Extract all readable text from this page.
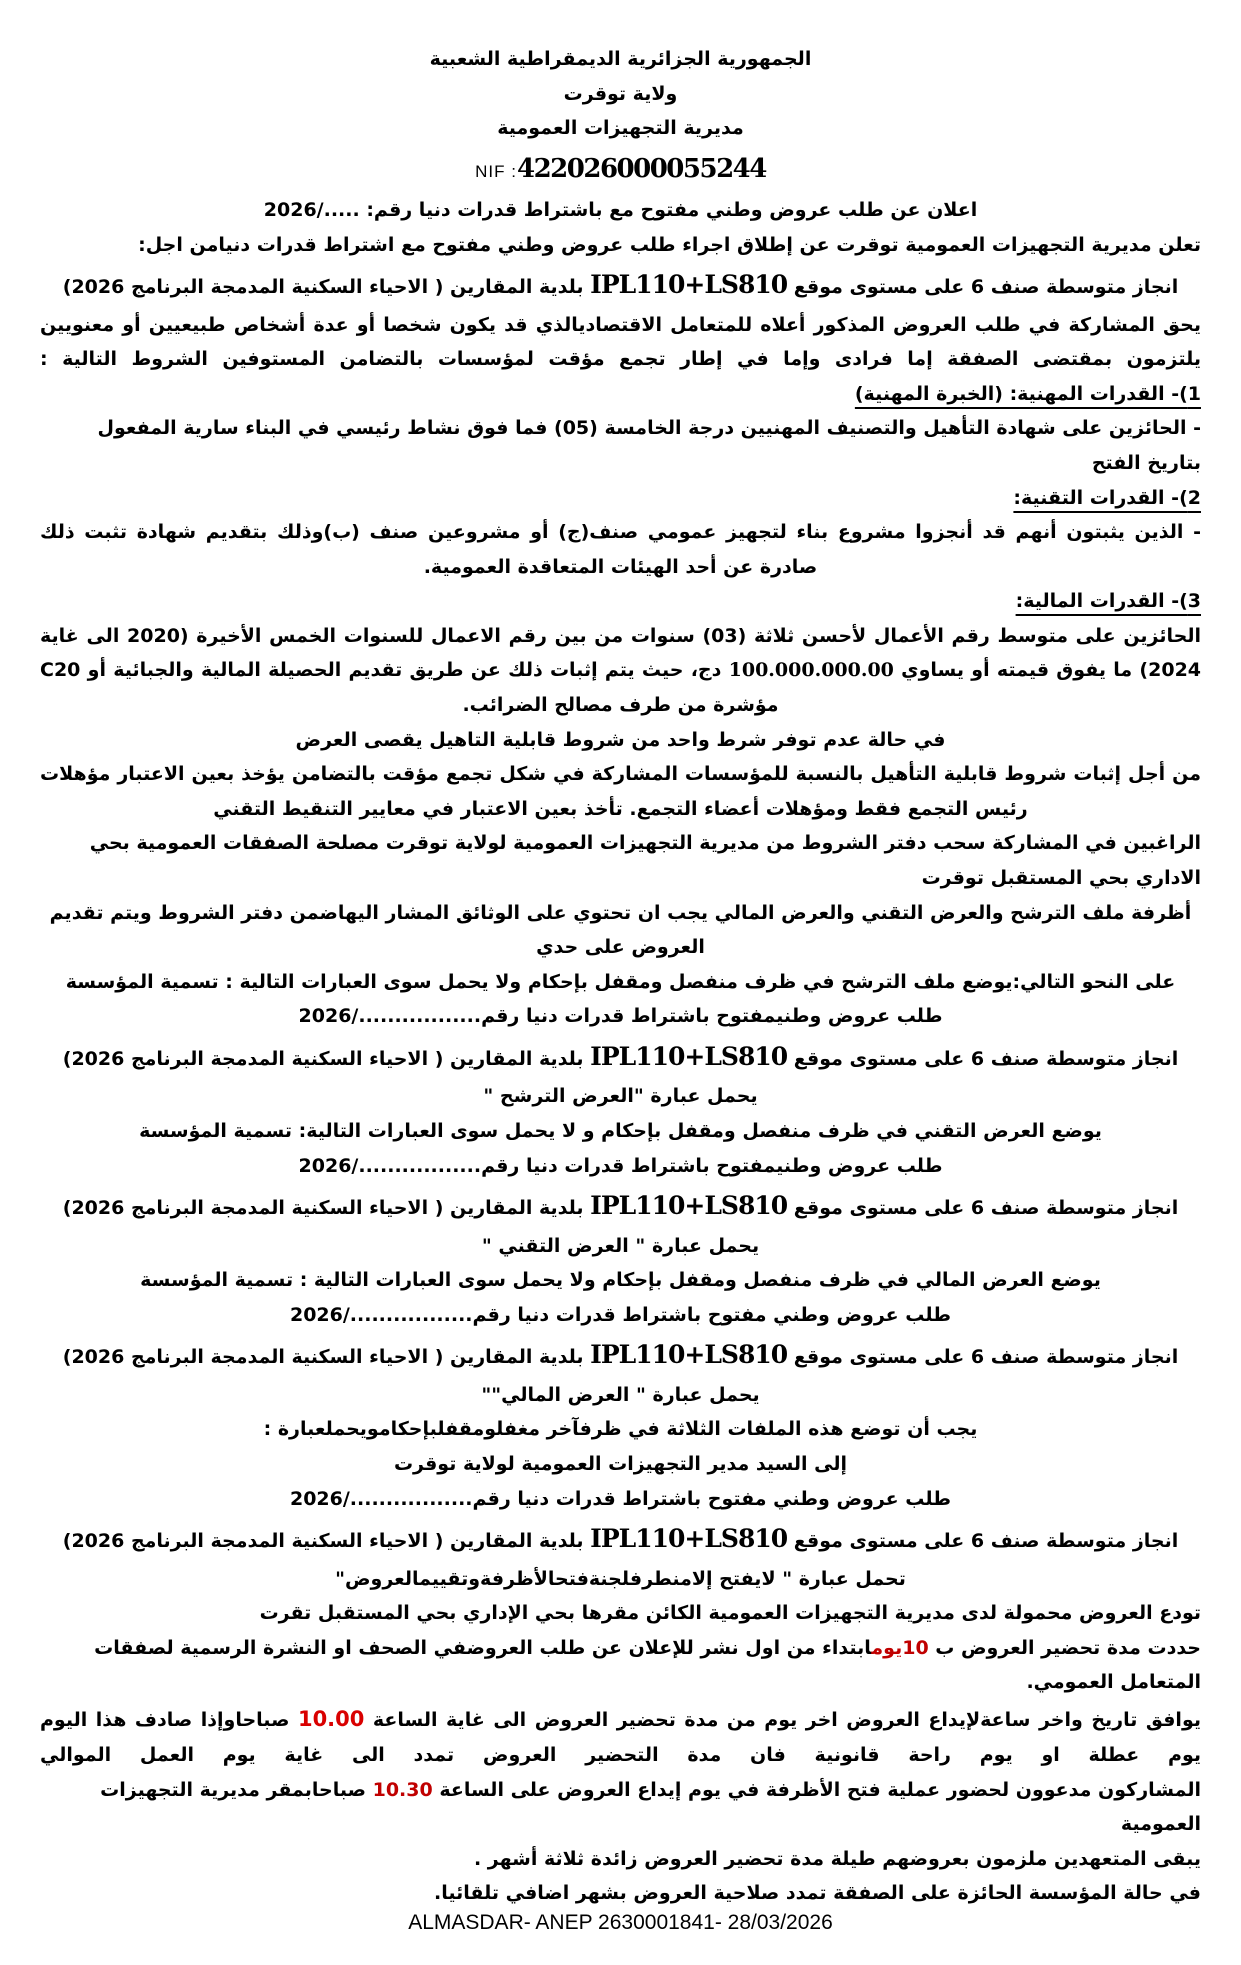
الجمهورية الجزائرية الديمقراطية الشعبية

ولاية توقرت

مديرية التجهيزات العمومية

NIF :422026000055244

اعلان عن طلب عروض وطني مفتوح مع باشتراط قدرات دنيا رقم: ...../2026

تعلن مديرية التجهيزات العمومية توقرت عن إطلاق اجراء طلب عروض وطني مفتوح مع اشتراط قدرات دنيامن اجل:

انجاز متوسطة صنف 6 على مستوى موقع IPL110+LS810 بلدية المقارين ( الاحياء السكنية المدمجة البرنامج 2026)

يحق المشاركة في طلب العروض المذكور أعلاه للمتعامل الاقتصاديالذي قد يكون شخصا أو عدة أشخاص طبيعيين أو معنويين يلتزمون بمقتضى الصفقة إما فرادى وإما في إطار تجمع مؤقت لمؤسسات بالتضامن المستوفين الشروط التالية :

1)- القدرات المهنية: (الخبرة المهنية)

- الحائزين على شهادة التأهيل والتصنيف المهنيين درجة الخامسة (05) فما فوق نشاط رئيسي في البناء سارية المفعول بتاريخ الفتح

2)- القدرات التقنية:

- الذين يثبتون أنهم قد أنجزوا مشروع بناء لتجهيز عمومي صنف(ج) أو مشروعين صنف (ب)وذلك بتقديم شهادة تثبت ذلك صادرة عن أحد الهيئات المتعاقدة العمومية.

3)- القدرات المالية:

الحائزين على متوسط رقم الأعمال لأحسن ثلاثة (03) سنوات من بين رقم الاعمال للسنوات الخمس الأخيرة (2020 الى غاية 2024) ما يفوق قيمته أو يساوي 100.000.000.00 دج، حيث يتم إثبات ذلك عن طريق تقديم الحصيلة المالية والجبائية أو C20 مؤشرة من طرف مصالح الضرائب.

في حالة عدم توفر شرط واحد من شروط قابلية التاهيل يقصى العرض

من أجل إثبات شروط قابلية التأهيل بالنسبة للمؤسسات المشاركة في شكل تجمع مؤقت بالتضامن يؤخذ بعين الاعتبار مؤهلات رئيس التجمع فقط ومؤهلات أعضاء التجمع. تأخذ بعين الاعتبار في معايير التنقيط التقني

الراغبين في المشاركة سحب دفتر الشروط من مديرية التجهيزات العمومية لولاية توقرت مصلحة الصفقات العمومية بحي الاداري بحي المستقبل توقرت

أظرفة ملف الترشح والعرض التقني والعرض المالي يجب ان تحتوي على الوثائق المشار اليهاضمن دفتر الشروط ويتم تقديم العروض على حدي

على النحو التالي:يوضع ملف الترشح في ظرف منفصل ومقفل بإحكام ولا يحمل سوى العبارات التالية : تسمية المؤسسة

طلب عروض وطنيمفتوح باشتراط قدرات دنيا رقم................./2026

انجاز متوسطة صنف 6 على مستوى موقع IPL110+LS810 بلدية المقارين ( الاحياء السكنية المدمجة البرنامج 2026)

يحمل عبارة "العرض الترشح "

يوضع العرض التقني في ظرف منفصل ومقفل بإحكام و لا يحمل سوى العبارات التالية: تسمية المؤسسة

طلب عروض وطنيمفتوح باشتراط قدرات دنيا رقم................./2026

انجاز متوسطة صنف 6 على مستوى موقع IPL110+LS810 بلدية المقارين ( الاحياء السكنية المدمجة البرنامج 2026)

يحمل عبارة " العرض التقني "

يوضع العرض المالي في ظرف منفصل ومقفل بإحكام ولا يحمل سوى العبارات التالية : تسمية المؤسسة

طلب عروض وطني مفتوح باشتراط قدرات دنيا رقم................./2026

انجاز متوسطة صنف 6 على مستوى موقع IPL110+LS810 بلدية المقارين ( الاحياء السكنية المدمجة البرنامج 2026)

يحمل عبارة " العرض المالي""

يجب أن توضع هذه الملفات الثلاثة في ظرفآخر مغفلومقفلبإحكامويحملعبارة :

إلى السيد مدير التجهيزات العمومية لولاية توقرت

طلب عروض وطني مفتوح باشتراط قدرات دنيا رقم................./2026

انجاز متوسطة صنف 6 على مستوى موقع IPL110+LS810 بلدية المقارين ( الاحياء السكنية المدمجة البرنامج 2026)

تحمل عبارة " لايفتح إلامنطرفلجنةفتحالأظرفةوتقييمالعروض"

تودع العروض محمولة لدى مديرية التجهيزات العمومية الكائن مقرها بحي الإداري بحي المستقبل تقرت

حددت مدة تحضير العروض ب 10يومابتداء من اول نشر للإعلان عن طلب العروضفي الصحف او النشرة الرسمية لصفقات المتعامل العمومي.

يوافق تاريخ واخر ساعةلإيداع العروض اخر يوم من مدة تحضير العروض الى غاية الساعة 10.00 صباحاوإذا صادف هذا اليوم يوم عطلة او يوم راحة قانونية فان مدة التحضير العروض تمدد الى غاية يوم العمل الموالي

المشاركون مدعوون لحضور عملية فتح الأظرفة في يوم إيداع العروض على الساعة 10.30 صباحابمقر مديرية التجهيزات العمومية

يبقى المتعهدين ملزمون بعروضهم طيلة مدة تحضير العروض زائدة ثلاثة أشهر .

في حالة المؤسسة الحائزة على الصفقة تمدد صلاحية العروض بشهر اضافي تلقائيا.

ALMASDAR- ANEP 2630001841- 28/03/2026
